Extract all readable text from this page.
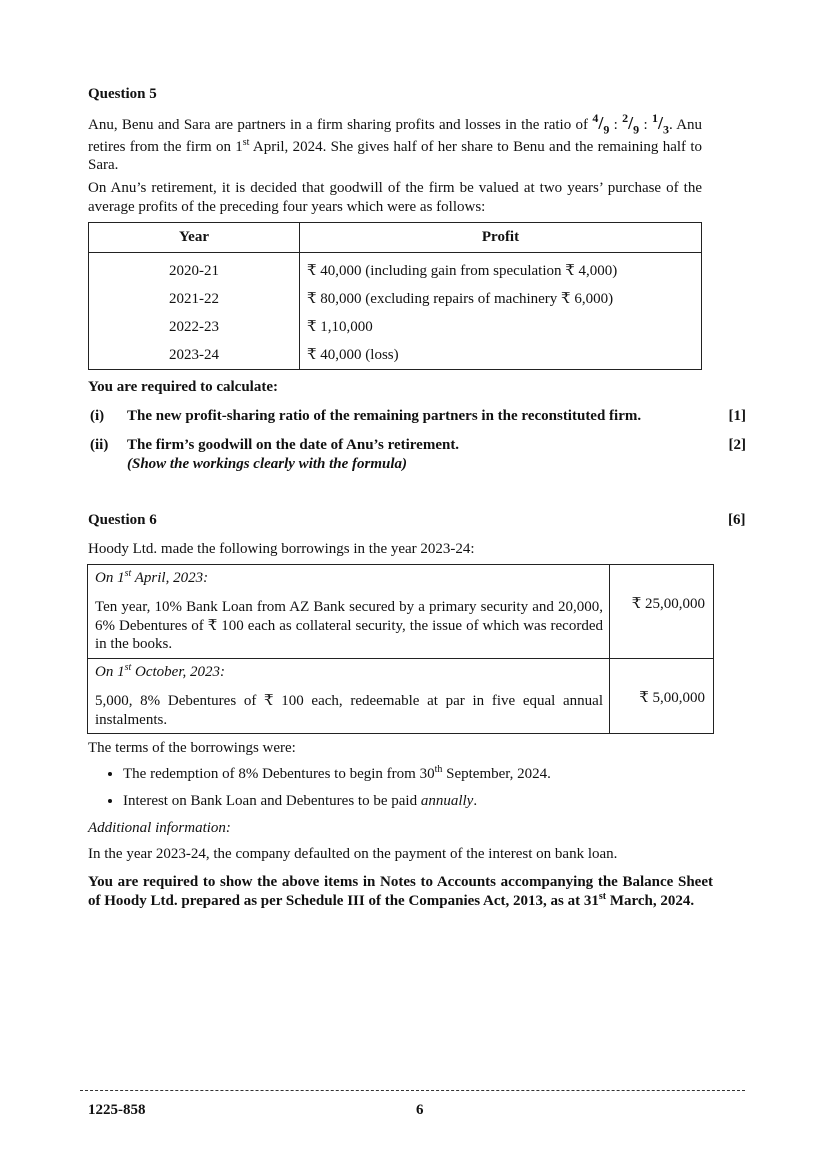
Question 5

Anu, Benu and Sara are partners in a firm sharing profits and losses in the ratio of $^4/_9$ : $^2/_9$ : $^1/_3$. Anu retires from the firm on 1st April, 2024. She gives half of her share to Benu and the remaining half to Sara.

On Anu’s retirement, it is decided that goodwill of the firm be valued at two years’ purchase of the average profits of the preceding four years which were as follows:

Year	Profit
2020-21	₹ 40,000 (including gain from speculation ₹ 4,000)
2021-22	₹ 80,000 (excluding repairs of machinery ₹ 6,000)
2022-23	₹ 1,10,000
2023-24	₹ 40,000 (loss)
You are required to calculate:
(i)	The new profit-sharing ratio of the remaining partners in the reconstituted firm.	[1]
(ii)	The firm’s goodwill on the date of Anu’s retirement.
(Show the workings clearly with the formula)
[2]
Question 6	[6]
Hoody Ltd. made the following borrowings in the year 2023-24:
On 1st April, 2023:
Ten year, 10% Bank Loan from AZ Bank secured by a primary security and 20,000, 6% Debentures of ₹ 100 each as collateral security, the issue of which was recorded in the books.	₹ 25,00,000

On 1st October, 2023:
5,000, 8% Debentures of ₹ 100 each, redeemable at par in five equal annual instalments.	₹ 5,00,000
The terms of the borrowings were:
• The redemption of 8% Debentures to begin from 30th September, 2024.
• Interest on Bank Loan and Debentures to be paid annually.
Additional information:
In the year 2023-24, the company defaulted on the payment of the interest on bank loan.

You are required to show the above items in Notes to Accounts accompanying the Balance Sheet of Hoody Ltd. prepared as per Schedule III of the Companies Act, 2013, as at 31st March, 2024.

1225-858	6
